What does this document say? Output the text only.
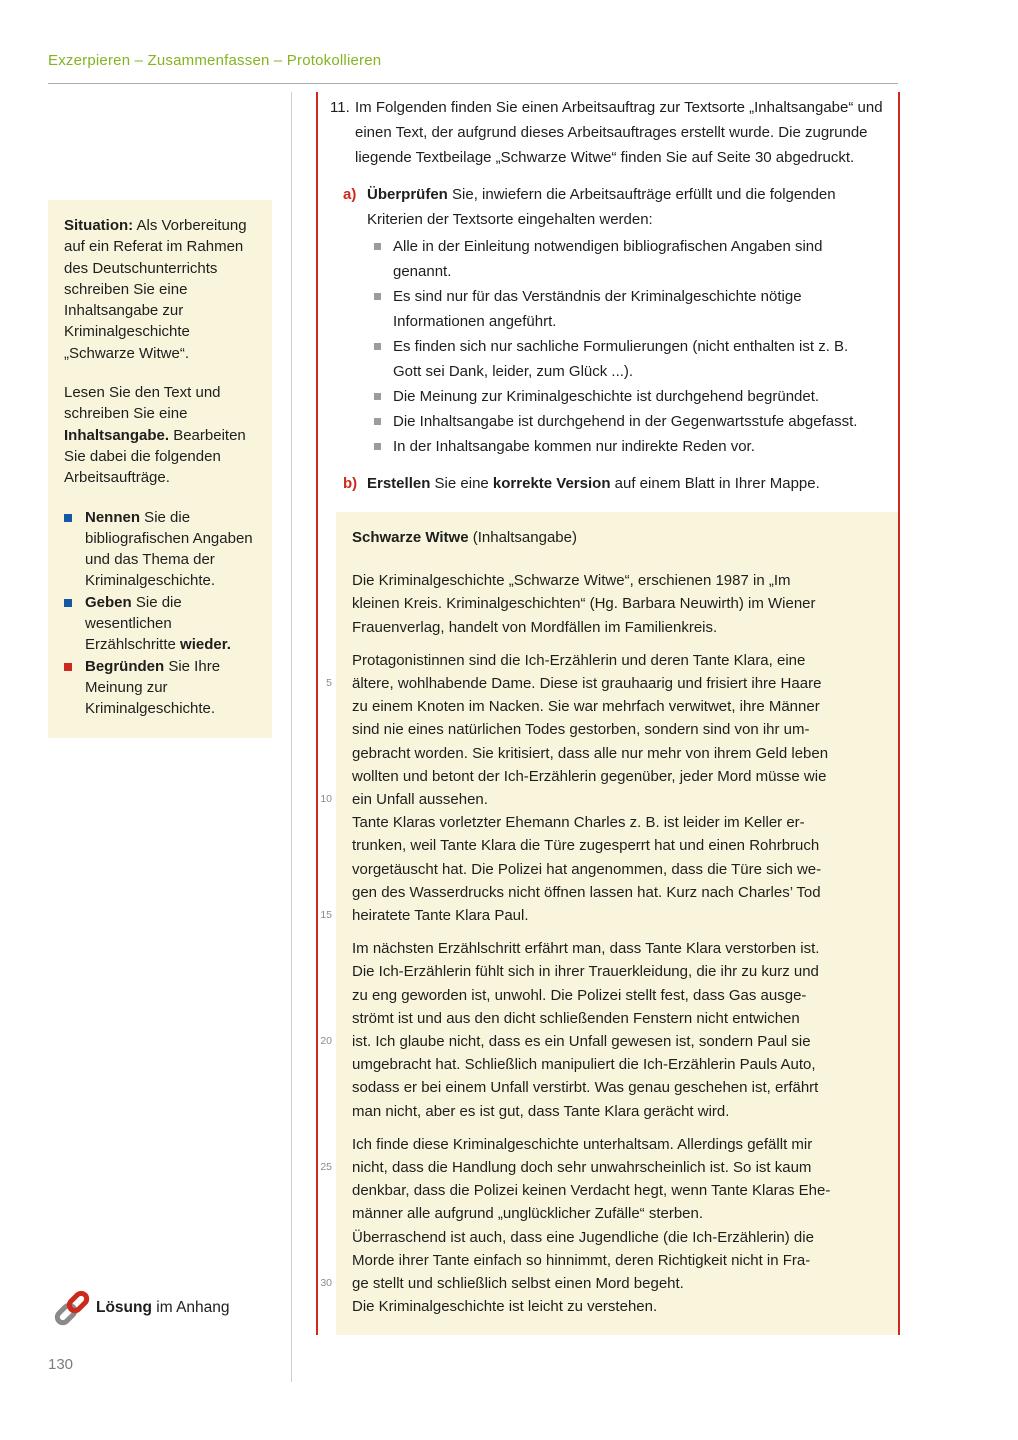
Exzerpieren – Zusammenfassen – Protokollieren

Situation: Als Vorbereitung auf ein Referat im Rahmen des Deutschunterrichts schreiben Sie eine Inhaltsangabe zur Kriminalgeschichte „Schwarze Witwe“.

Lesen Sie den Text und schreiben Sie eine Inhaltsangabe. Bearbeiten Sie dabei die folgenden Arbeitsaufträge.

Nennen Sie die bibliografischen Angaben und das Thema der Kriminalgeschichte.
Geben Sie die wesentlichen Erzählschritte wieder.
Begründen Sie Ihre Meinung zur Kriminalgeschichte.
11. Im Folgenden finden Sie einen Arbeitsauftrag zur Textsorte „Inhaltsangabe“ und einen Text, der aufgrund dieses Arbeitsauftrages erstellt wurde. Die zugrunde liegende Textbeilage „Schwarze Witwe“ finden Sie auf Seite 30 abgedruckt.
a) Überprüfen Sie, inwiefern die Arbeitsaufträge erfüllt und die folgenden Kriterien der Textsorte eingehalten werden:
Alle in der Einleitung notwendigen bibliografischen Angaben sind genannt.
Es sind nur für das Verständnis der Kriminalgeschichte nötige Informationen angeführt.
Es finden sich nur sachliche Formulierungen (nicht enthalten ist z. B. Gott sei Dank, leider, zum Glück ...).
Die Meinung zur Kriminalgeschichte ist durchgehend begründet.
Die Inhaltsangabe ist durchgehend in der Gegenwartsstufe abgefasst.
In der Inhaltsangabe kommen nur indirekte Reden vor.
b) Erstellen Sie eine korrekte Version auf einem Blatt in Ihrer Mappe.
Schwarze Witwe (Inhaltsangabe)
Die Kriminalgeschichte „Schwarze Witwe“, erschienen 1987 in „Im
kleinen Kreis. Kriminalgeschichten“ (Hg. Barbara Neuwirth) im Wiener
Frauenverlag, handelt von Mordfällen im Familienkreis.
Protagonistinnen sind die Ich-Erzählerin und deren Tante Klara, eine
5 ältere, wohlhabende Dame. Diese ist grauhaarig und frisiert ihre Haare
zu einem Knoten im Nacken. Sie war mehrfach verwitwet, ihre Männer
sind nie eines natürlichen Todes gestorben, sondern sind von ihr um-
gebracht worden. Sie kritisiert, dass alle nur mehr von ihrem Geld leben
wollten und betont der Ich-Erzählerin gegenüber, jeder Mord müsse wie
10 ein Unfall aussehen.
Tante Klaras vorletzter Ehemann Charles z. B. ist leider im Keller er-
trunken, weil Tante Klara die Türe zugesperrt hat und einen Rohrbruch
vorgetäuscht hat. Die Polizei hat angenommen, dass die Türe sich we-
gen des Wasserdrucks nicht öffnen lassen hat. Kurz nach Charles’ Tod
15 heiratete Tante Klara Paul.
Im nächsten Erzählschritt erfährt man, dass Tante Klara verstorben ist.
Die Ich-Erzählerin fühlt sich in ihrer Trauerkleidung, die ihr zu kurz und
zu eng geworden ist, unwohl. Die Polizei stellt fest, dass Gas ausge-
strömt ist und aus den dicht schließenden Fenstern nicht entwichen
20 ist. Ich glaube nicht, dass es ein Unfall gewesen ist, sondern Paul sie
umgebracht hat. Schließlich manipuliert die Ich-Erzählerin Pauls Auto,
sodass er bei einem Unfall verstirbt. Was genau geschehen ist, erfährt
man nicht, aber es ist gut, dass Tante Klara gerächt wird.
Ich finde diese Kriminalgeschichte unterhaltsam. Allerdings gefällt mir
25 nicht, dass die Handlung doch sehr unwahrscheinlich ist. So ist kaum
denkbar, dass die Polizei keinen Verdacht hegt, wenn Tante Klaras Ehe-
männer alle aufgrund „unglücklicher Zufälle“ sterben.
Überraschend ist auch, dass eine Jugendliche (die Ich-Erzählerin) die
Morde ihrer Tante einfach so hinnimmt, deren Richtigkeit nicht in Fra-
30 ge stellt und schließlich selbst einen Mord begeht.
Die Kriminalgeschichte ist leicht zu verstehen.
Lösung im Anhang
130
